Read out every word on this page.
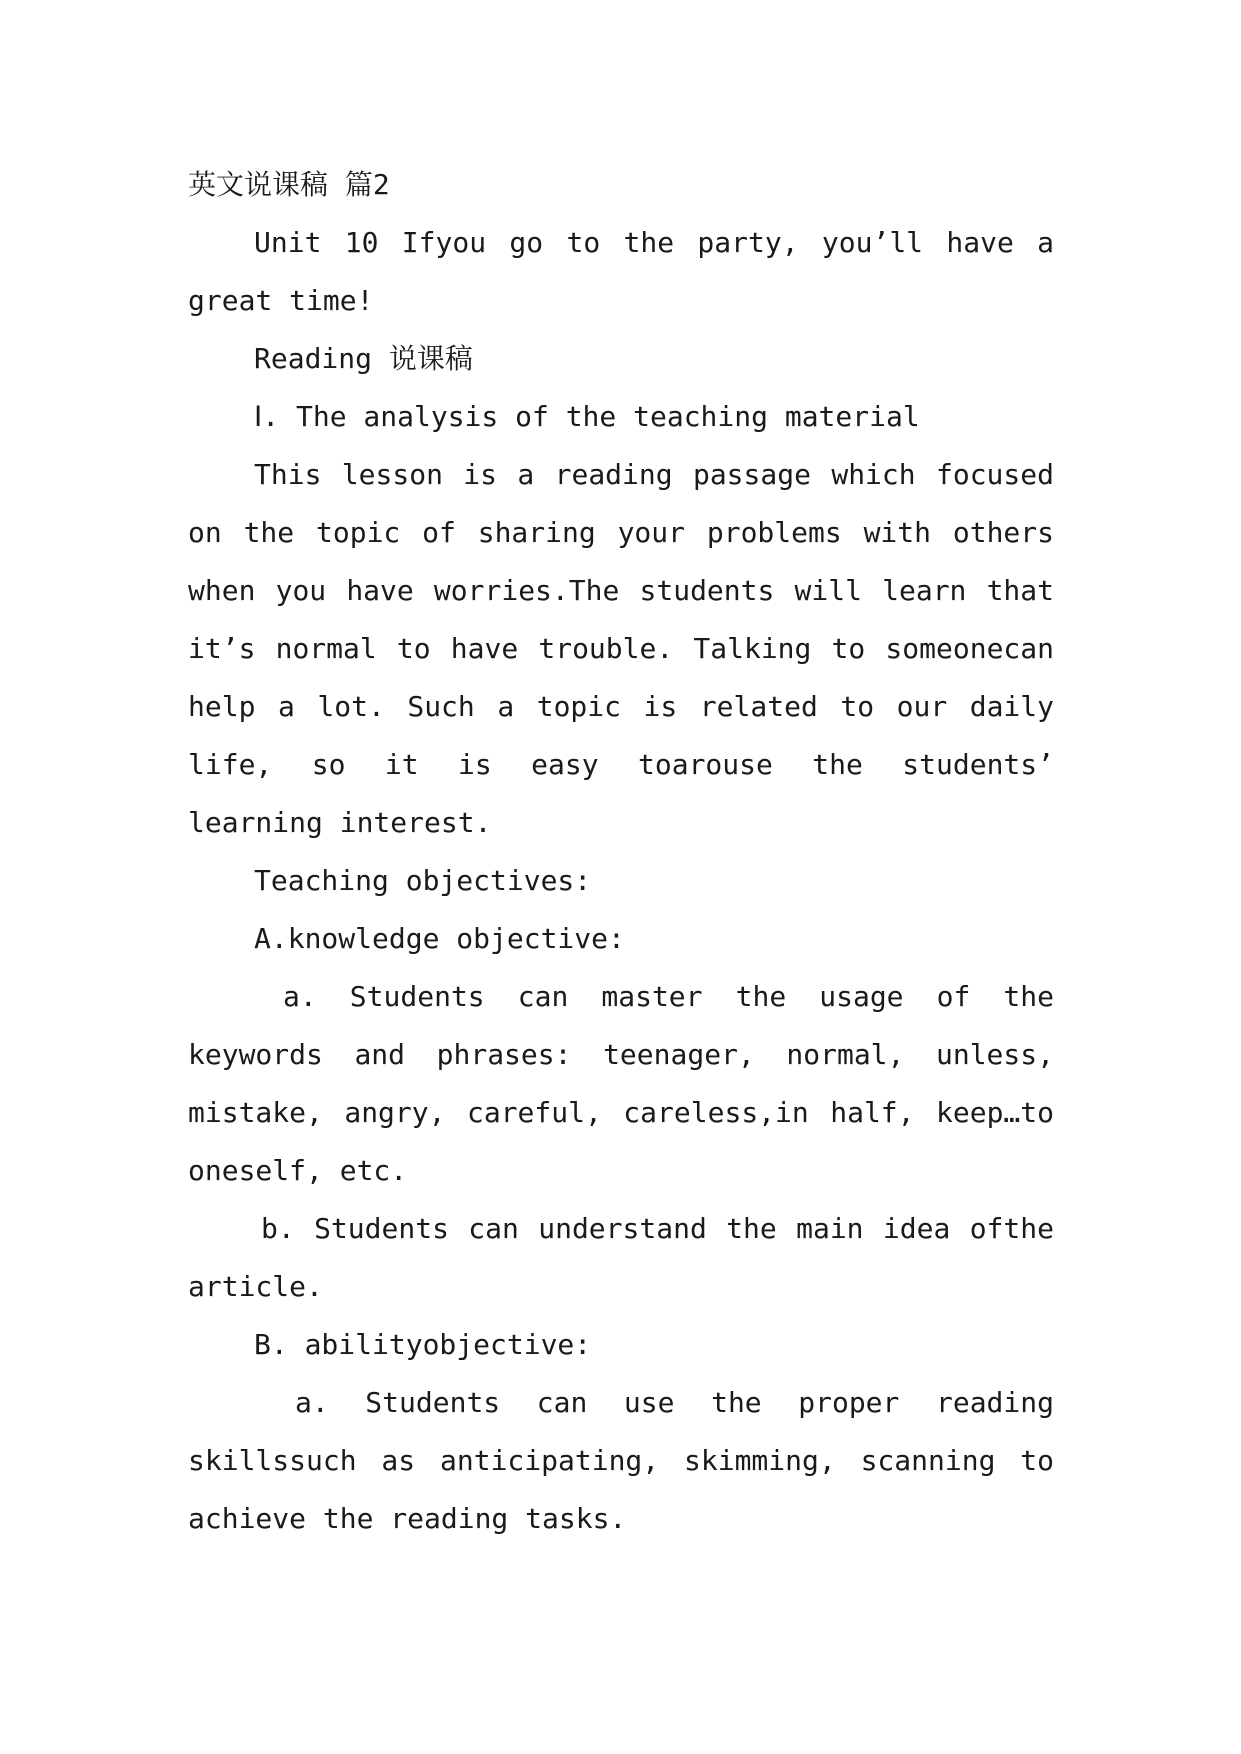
英文说课稿 篇2

Unit 10 Ifyou go to the party, you’ll have a

great time!

Reading 说课稿

Ⅰ. The analysis of the teaching material

This lesson is a reading passage which focused

on the topic of sharing your problems with others

when you have worries.The students will learn that

it’s normal to have trouble. Talking to someonecan

help a lot. Such a topic is related to our daily

life, so it is easy toarouse the students’

learning interest.

Teaching objectives:

A.knowledge objective:

a. Students can master the usage of the

keywords and phrases: teenager, normal, unless,

mistake, angry, careful, careless,in half, keep…to

oneself, etc.

b. Students can understand the main idea ofthe

article.

B. abilityobjective:

a. Students can use the proper reading

skillssuch as anticipating, skimming, scanning to

achieve the reading tasks.
